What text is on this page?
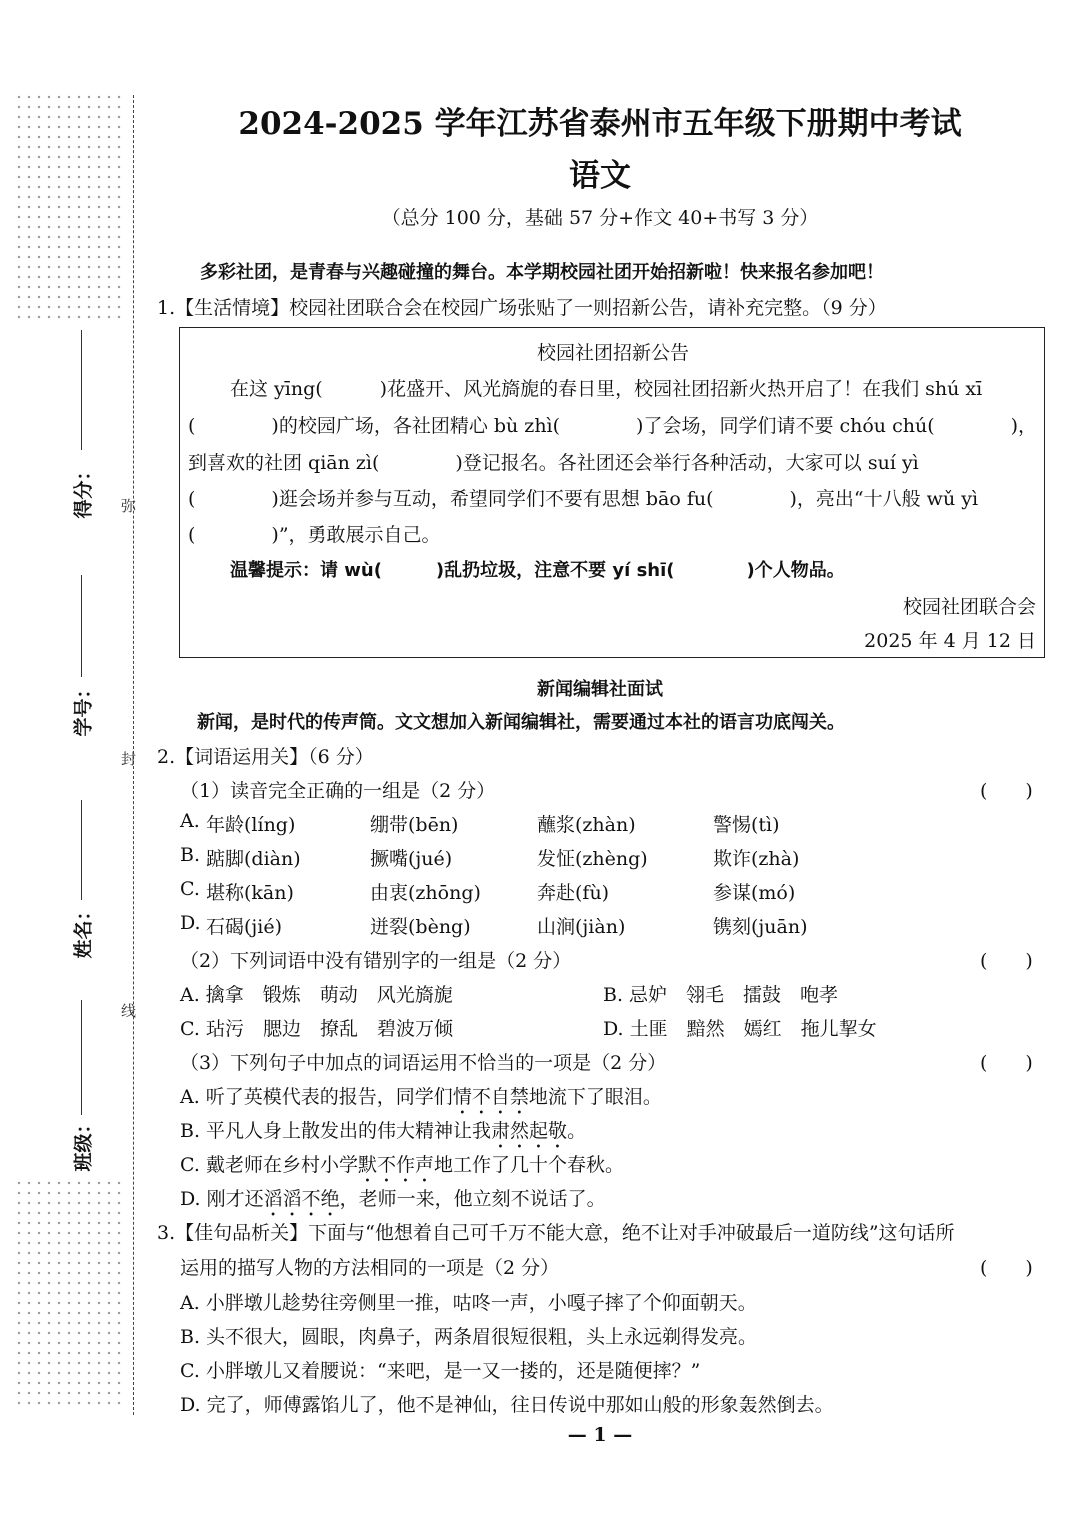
班级：
姓名：
学号：
得分： 弥
封
线
2024-2025 学年江苏省泰州市五年级下册期中考试
语文
（总分 100 分，基础 57 分+作文 40+书写 3 分）
多彩社团，是青春与兴趣碰撞的舞台。本学期校园社团开始招新啦！快来报名参加吧！
1.【生活情境】校园社团联合会在校园广场张贴了一则招新公告，请补充完整。（9 分）
校园社团招新公告
在这 yīng(　　　)花盛开、风光旖旎的春日里，校园社团招新火热开启了！在我们 shú xī
(　　　　)的校园广场，各社团精心 bù zhì(　　　　)了会场，同学们请不要 chóu chú(　　　　)，
到喜欢的社团 qiān zì(　　　　)登记报名。各社团还会举行各种活动，大家可以 suí yì
(　　　　)逛会场并参与互动，希望同学们不要有思想 bāo fu(　　　　)，亮出“十八般 wǔ yì
(　　　　)”，勇敢展示自己。
温馨提示：请 wù(　　　)乱扔垃圾，注意不要 yí shī(　　　　)个人物品。
校园社团联合会
2025 年 4 月 12 日
新闻编辑社面试
新闻，是时代的传声筒。文文想加入新闻编辑社，需要通过本社的语言功底闯关。
2.【词语运用关】（6 分）
（1）读音完全正确的一组是（2 分）	(　　)
A. 年龄(líng)	绷带(bēn)	蘸浆(zhàn)	警惕(tì)
B. 踮脚(diàn)	撅嘴(jué)	发怔(zhèng)	欺诈(zhà)
C. 堪称(kān)	由衷(zhōng)	奔赴(fù)	参谋(mó)
D. 石碣(jié)	迸裂(bèng)	山涧(jiàn)	镌刻(juān)
（2）下列词语中没有错别字的一组是（2 分）	(　　)
A. 擒拿　锻炼　萌动　风光旖旎	B. 忌妒　翎毛　擂鼓　咆孝
C. 玷污　腮边　撩乱　碧波万倾	D. 土匪　黯然　嫣红　拖儿挈女
（3）下列句子中加点的词语运用不恰当的一项是（2 分）	(　　)
A. 听了英模代表的报告，同学们情不自禁地流下了眼泪。
B. 平凡人身上散发出的伟大精神让我肃然起敬。
C. 戴老师在乡村小学默不作声地工作了几十个春秋。
D. 刚才还滔滔不绝，老师一来，他立刻不说话了。
3.【佳句品析关】下面与“他想着自己可千万不能大意，绝不让对手冲破最后一道防线”这句话所
运用的描写人物的方法相同的一项是（2 分）	(　　)
A. 小胖墩儿趁势往旁侧里一推，咕咚一声，小嘎子摔了个仰面朝天。
B. 头不很大，圆眼，肉鼻子，两条眉很短很粗，头上永远剃得发亮。
C. 小胖墩儿又着腰说：“来吧，是一又一搂的，还是随便摔？”
D. 完了，师傅露馅儿了，他不是神仙，往日传说中那如山般的形象轰然倒去。
— 1 —
